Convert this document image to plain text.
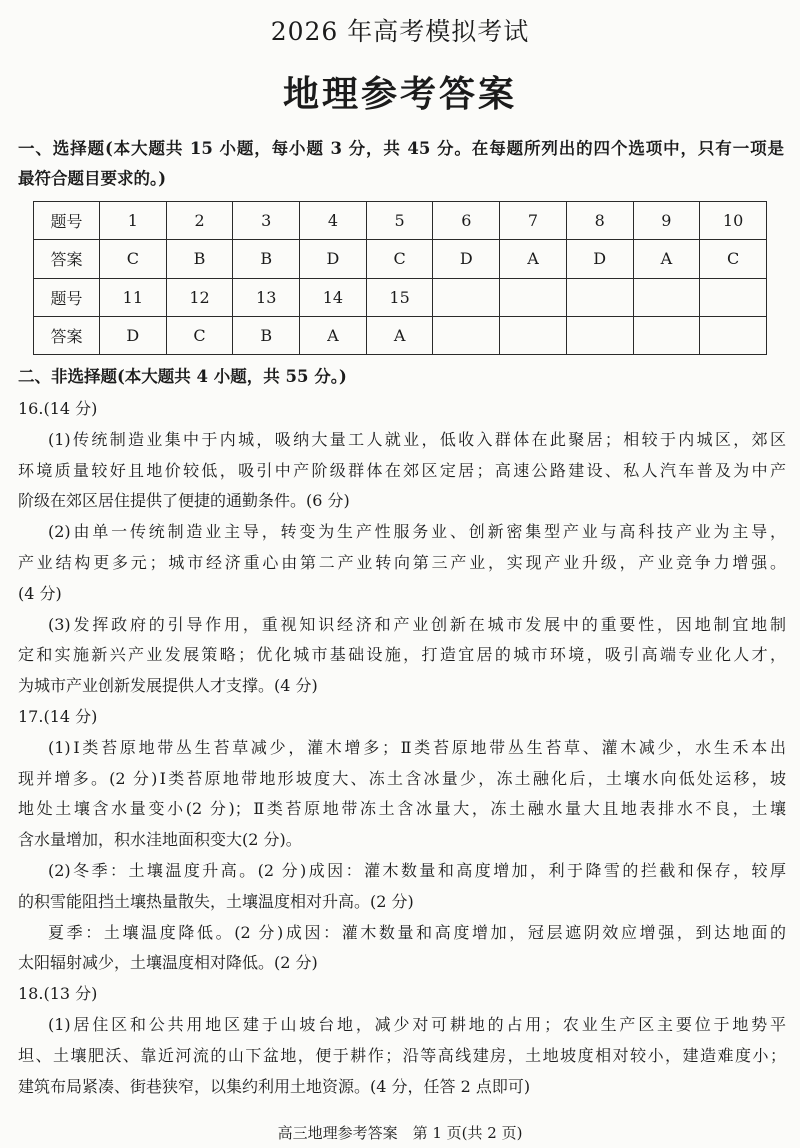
2026 年高考模拟考试
地理参考答案
一、选择题(本大题共 15 小题，每小题 3 分，共 45 分。在每题所列出的四个选项中，只有一项是
最符合题目要求的。)
题号	1	2	3	4	5	6	7	8	9	10
答案	C	B	B	D	C	D	A	D	A	C
题号	11	12	13	14	15					
答案	D	C	B	A	A					
二、非选择题(本大题共 4 小题，共 55 分。)
16.(14 分)
(1)传统制造业集中于内城，吸纳大量工人就业，低收入群体在此聚居；相较于内城区，郊区
环境质量较好且地价较低，吸引中产阶级群体在郊区定居；高速公路建设、私人汽车普及为中产
阶级在郊区居住提供了便捷的通勤条件。(6 分)
(2)由单一传统制造业主导，转变为生产性服务业、创新密集型产业与高科技产业为主导，
产业结构更多元；城市经济重心由第二产业转向第三产业，实现产业升级，产业竞争力增强。
(4 分)
(3)发挥政府的引导作用，重视知识经济和产业创新在城市发展中的重要性，因地制宜地制
定和实施新兴产业发展策略；优化城市基础设施，打造宜居的城市环境，吸引高端专业化人才，
为城市产业创新发展提供人才支撑。(4 分)
17.(14 分)
(1)Ⅰ类苔原地带丛生苔草减少，灌木增多；Ⅱ类苔原地带丛生苔草、灌木减少，水生禾本出
现并增多。(2 分)Ⅰ类苔原地带地形坡度大、冻土含冰量少，冻土融化后，土壤水向低处运移，坡
地处土壤含水量变小(2 分)；Ⅱ类苔原地带冻土含冰量大，冻土融水量大且地表排水不良，土壤
含水量增加，积水洼地面积变大(2 分)。
(2)冬季：土壤温度升高。(2 分)成因：灌木数量和高度增加，利于降雪的拦截和保存，较厚
的积雪能阻挡土壤热量散失，土壤温度相对升高。(2 分)
夏季：土壤温度降低。(2 分)成因：灌木数量和高度增加，冠层遮阴效应增强，到达地面的
太阳辐射减少，土壤温度相对降低。(2 分)
18.(13 分)
(1)居住区和公共用地区建于山坡台地，减少对可耕地的占用；农业生产区主要位于地势平
坦、土壤肥沃、靠近河流的山下盆地，便于耕作；沿等高线建房，土地坡度相对较小，建造难度小；
建筑布局紧凑、街巷狭窄，以集约利用土地资源。(4 分，任答 2 点即可)
高三地理参考答案　第 1 页(共 2 页)
